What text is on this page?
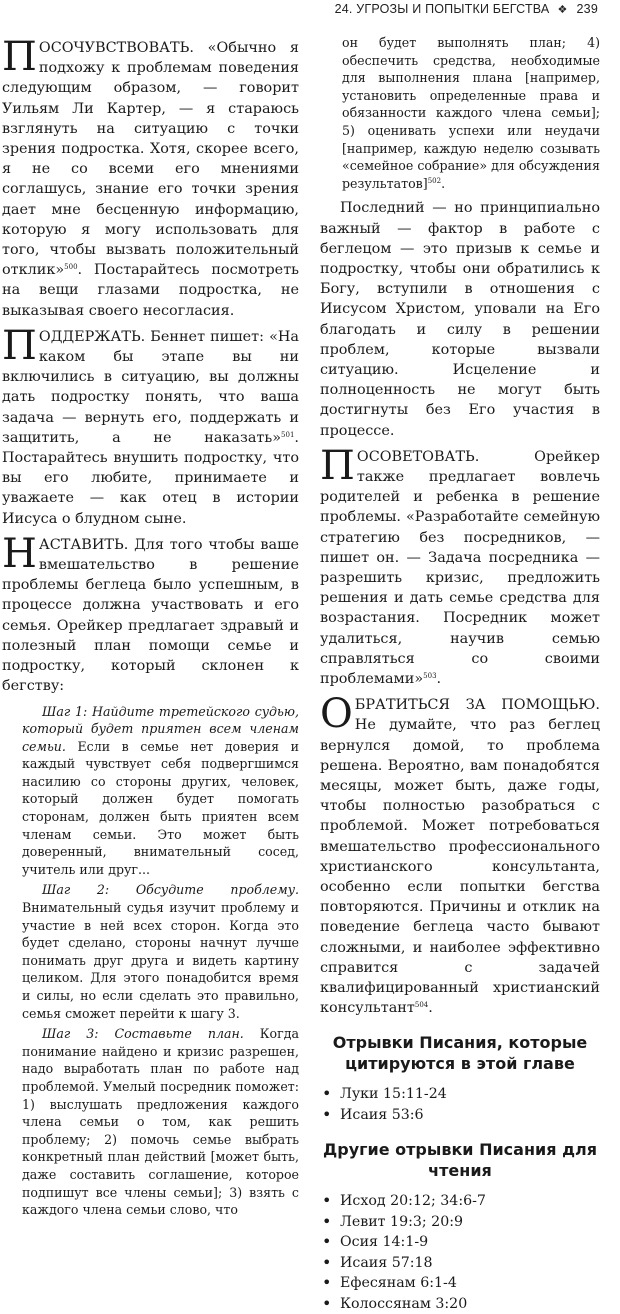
24. УГРОЗЫ И ПОПЫТКИ БЕГСТВА ❖ 239

ПОСОЧУВСТВОВАТЬ. «Обычно я подхожу к проблемам поведения следующим образом, — говорит Уильям Ли Картер, — я стараюсь взглянуть на ситуацию с точки зрения подростка. Хотя, скорее всего, я не со всеми его мнениями соглашусь, знание его точки зрения дает мне бесценную информацию, которую я могу использовать для того, чтобы вызвать положительный отклик»$^{500}$. Постарайтесь посмотреть на вещи глазами подростка, не выказывая своего несогласия.

ПОДДЕРЖАТЬ. Беннет пишет: «На каком бы этапе вы ни включились в ситуацию, вы должны дать подростку понять, что ваша задача — вернуть его, поддержать и защитить, а не наказать»$^{501}$. Постарайтесь внушить подростку, что вы его любите, принимаете и уважаете — как отец в истории Иисуса о блудном сыне.

НАСТАВИТЬ. Для того чтобы ваше вмешательство в решение проблемы беглеца было успешным, в процессе должна участвовать и его семья. Орейкер предлагает здравый и полезный план помощи семье и подростку, который склонен к бегству:

Шаг 1: Найдите третейского судью, который будет приятен всем членам семьи. Если в семье нет доверия и каждый чувствует себя подвергшимся насилию со стороны других, человек, который должен будет помогать сторонам, должен быть приятен всем членам семьи. Это может быть доверенный, внимательный сосед, учитель или друг...

Шаг 2: Обсудите проблему. Внимательный судья изучит проблему и участие в ней всех сторон. Когда это будет сделано, стороны начнут лучше понимать друг друга и видеть картину целиком. Для этого понадобится время и силы, но если сделать это правильно, семья сможет перейти к шагу 3.

Шаг 3: Составьте план. Когда понимание найдено и кризис разрешен, надо выработать план по работе над проблемой. Умелый посредник поможет: 1) выслушать предложения каждого члена семьи о том, как решить проблему; 2) помочь семье выбрать конкретный план действий [может быть, даже составить соглашение, которое подпишут все члены семьи]; 3) взять с каждого члена семьи слово, что

он будет выполнять план; 4) обеспечить средства, необходимые для выполнения плана [например, установить определенные права и обязанности каждого члена семьи]; 5) оценивать успехи или неудачи [например, каждую неделю созывать «семейное собрание» для обсуждения результатов]$^{502}$.

Последний — но принципиально важный — фактор в работе с беглецом — это призыв к семье и подростку, чтобы они обратились к Богу, вступили в отношения с Иисусом Христом, уповали на Его благодать и силу в решении проблем, которые вызвали ситуацию. Исцеление и полноценность не могут быть достигнуты без Его участия в процессе.

ПОСОВЕТОВАТЬ. Орейкер также предлагает вовлечь родителей и ребенка в решение проблемы. «Разработайте семейную стратегию без посредников, — пишет он. — Задача посредника — разрешить кризис, предложить решения и дать семье средства для возрастания. Посредник может удалиться, научив семью справляться со своими проблемами»$^{503}$.

ОБРАТИТЬСЯ ЗА ПОМОЩЬЮ. Не думайте, что раз беглец вернулся домой, то проблема решена. Вероятно, вам понадобятся месяцы, может быть, даже годы, чтобы полностью разобраться с проблемой. Может потребоваться вмешательство профессионального христианского консультанта, особенно если попытки бегства повторяются. Причины и отклик на поведение беглеца часто бывают сложными, и наиболее эффективно справится с задачей квалифицированный христианский консультант$^{504}$.

Отрывки Писания, которые цитируются в этой главе
• Луки 15:11-24
• Исаия 53:6
Другие отрывки Писания для чтения
• Исход 20:12; 34:6-7
• Левит 19:3; 20:9
• Осия 14:1-9
• Исаия 57:18
• Ефесянам 6:1-4
• Колоссянам 3:20
